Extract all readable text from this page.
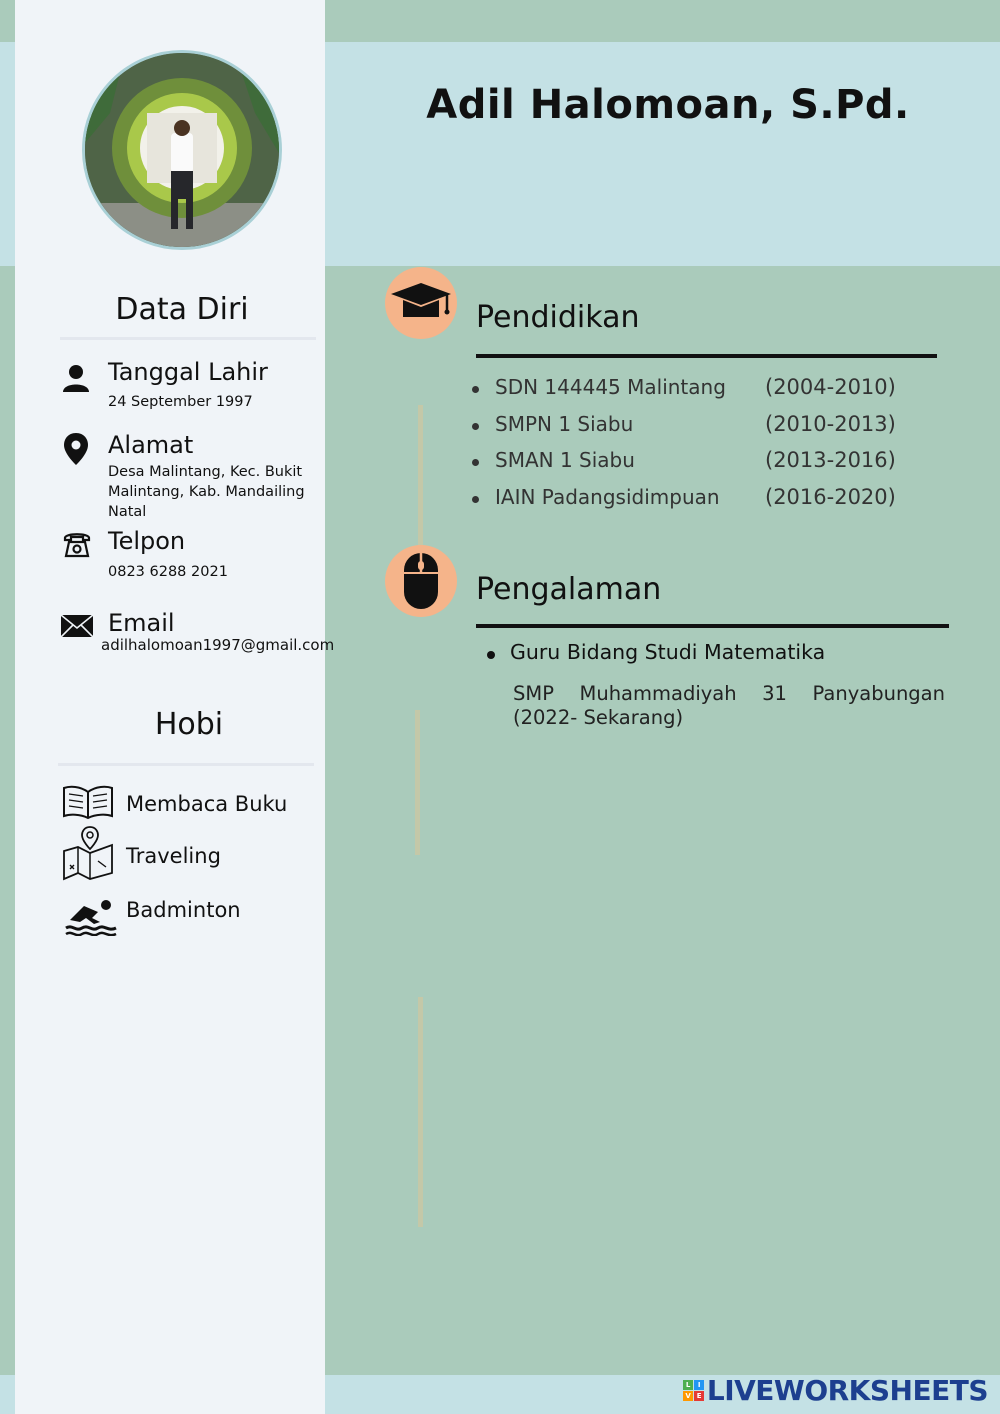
Data Diri
Tanggal Lahir
24 September 1997
Alamat
Desa Malintang, Kec. Bukit
Malintang, Kab. Mandailing
Natal
Telpon
0823 6288 2021
Email
adilhalomoan1997@gmail.com
Hobi
Membaca Buku
Traveling
Badminton
Adil Halomoan, S.Pd.
Pendidikan
SDN 144445 Malintang (2004-2010)
SMPN 1 Siabu	(2010-2013)
SMAN 1 Siabu	(2013-2016)
IAIN Padangsidimpuan (2016-2020)
Pengalaman
Guru Bidang Studi Matematika
SMP Muhammadiyah 31 Panyabungan (2022- Sekarang)
L	I
V E LIVEWORKSHEETS
